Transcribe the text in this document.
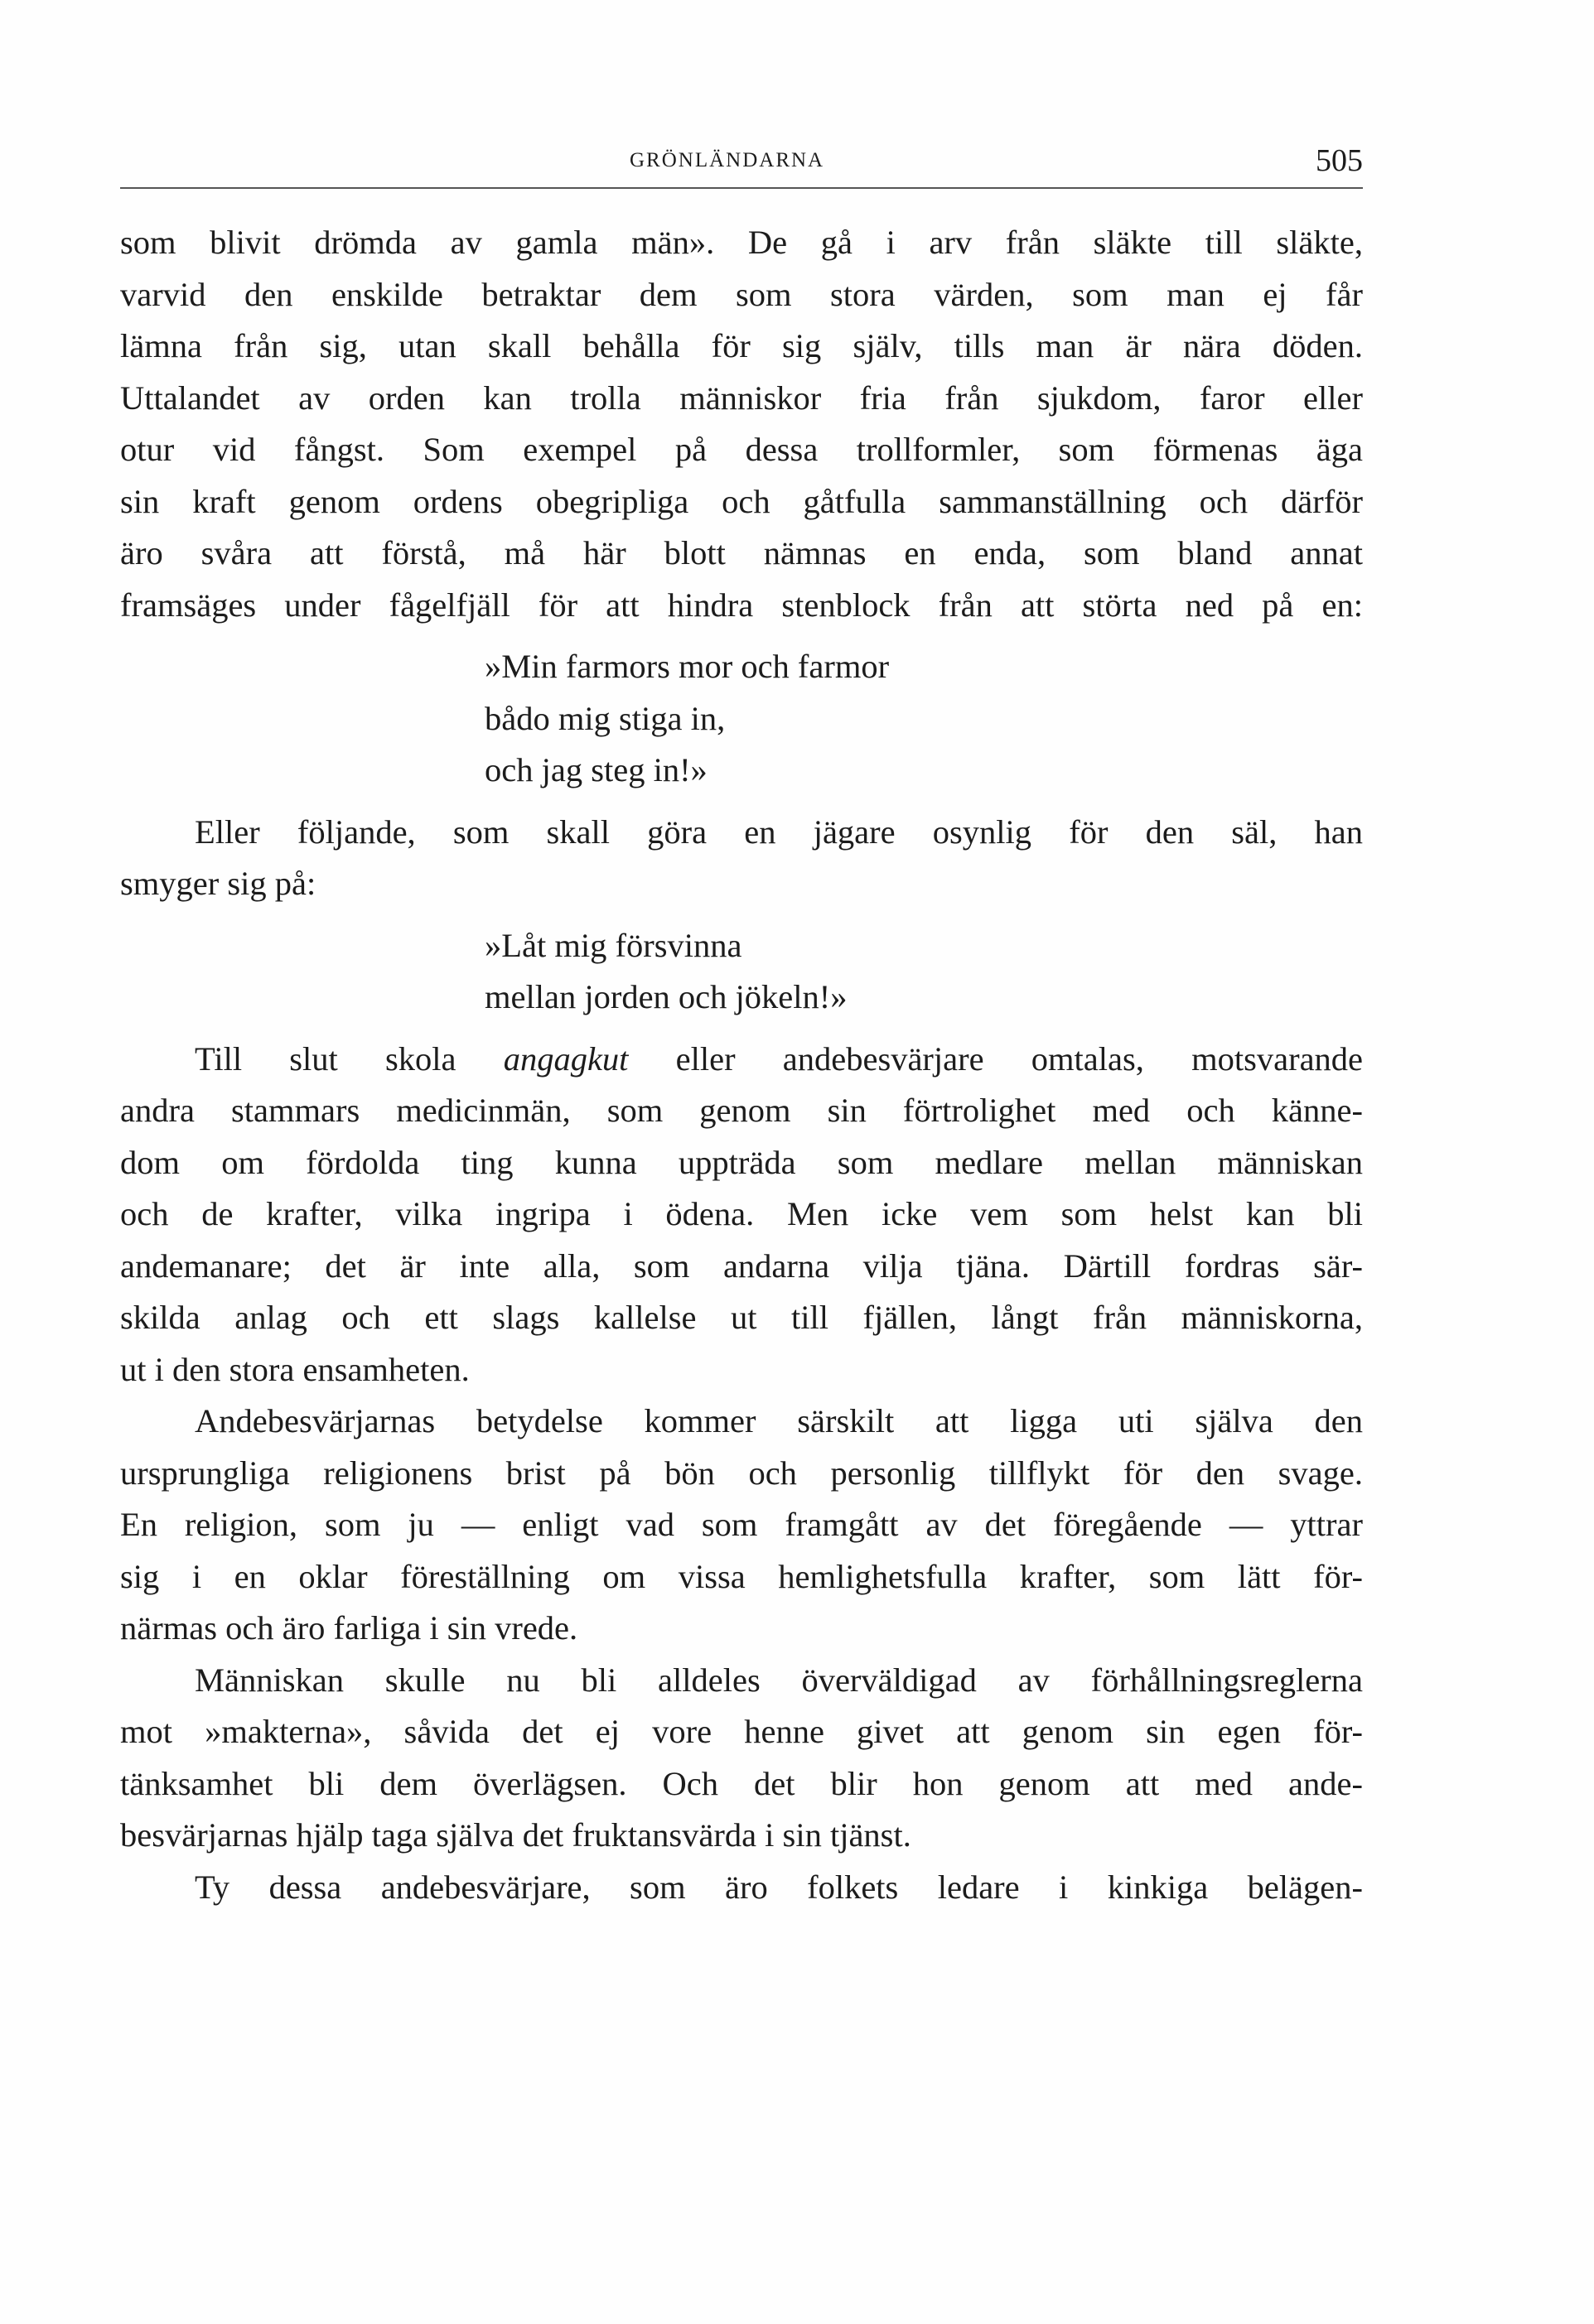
GRÖNLÄNDARNA	505
som blivit drömda av gamla män». De gå i arv från släkte till släkte,
varvid den enskilde betraktar dem som stora värden, som man ej får
lämna från sig, utan skall behålla för sig själv, tills man är nära döden.
Uttalandet av orden kan trolla människor fria från sjukdom, faror eller
otur vid fångst. Som exempel på dessa trollformler, som förmenas äga
sin kraft genom ordens obegripliga och gåtfulla sammanställning och därför
äro svåra att förstå, må här blott nämnas en enda, som bland annat
framsäges under fågelfjäll för att hindra stenblock från att störta ned på en:
»Min farmors mor och farmor
bådo mig stiga in,
och jag steg in!»
Eller följande, som skall göra en jägare osynlig för den säl, han
smyger sig på:
»Låt mig försvinna
mellan jorden och jökeln!»
Till slut skola angagkut eller andebesvärjare omtalas, motsvarande
andra stammars medicinmän, som genom sin förtrolighet med och känne-
dom om fördolda ting kunna uppträda som medlare mellan människan
och de krafter, vilka ingripa i ödena. Men icke vem som helst kan bli
andemanare; det är inte alla, som andarna vilja tjäna. Därtill fordras sär-
skilda anlag och ett slags kallelse ut till fjällen, långt från människorna,
ut i den stora ensamheten.
Andebesvärjarnas betydelse kommer särskilt att ligga uti själva den
ursprungliga religionens brist på bön och personlig tillflykt för den svage.
En religion, som ju — enligt vad som framgått av det föregående — yttrar
sig i en oklar föreställning om vissa hemlighetsfulla krafter, som lätt för-
närmas och äro farliga i sin vrede.
Människan skulle nu bli alldeles överväldigad av förhållningsreglerna
mot »makterna», såvida det ej vore henne givet att genom sin egen för-
tänksamhet bli dem överlägsen. Och det blir hon genom att med ande-
besvärjarnas hjälp taga själva det fruktansvärda i sin tjänst.
Ty dessa andebesvärjare, som äro folkets ledare i kinkiga belägen-
